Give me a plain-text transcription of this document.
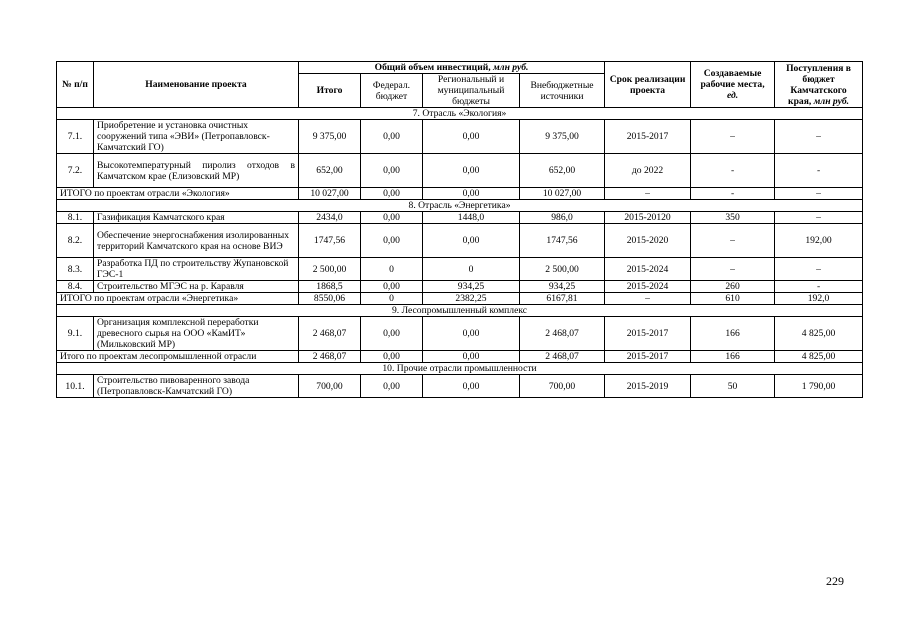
№ п/п	Наименование проекта	Общий объем инвестиций, млн руб.				Срок реализации проекта	Создаваемые рабочие места, ед.	Поступления в бюджет Камчатского края, млн руб.
		Итого	Федерал. бюджет	Региональный и муниципальный бюджеты	Внебюджетные источники			
7. Отрасль «Экология»								
7.1.	Приобретение и установка очистных сооружений типа «ЭВИ» (Петропавловск-Камчатский ГО)	9 375,00	0,00	0,00	9 375,00	2015-2017	–	–
7.2.	Высокотемпературный пиролиз отходов в Камчатском крае (Елизовский МР)	652,00	0,00	0,00	652,00	до 2022	-	-
ИТОГО по проектам отрасли «Экология»		10 027,00	0,00	0,00	10 027,00	–	-	–
8. Отрасль «Энергетика»								
8.1.	Газификация Камчатского края	2434,0	0,00	1448,0	986,0	2015-20120	350	–
8.2.	Обеспечение энергоснабжения изолированных территорий Камчатского края на основе ВИЭ	1747,56	0,00	0,00	1747,56	2015-2020	–	192,00
8.3.	Разработка ПД по строительству Жупановской ГЭС-1	2 500,00	0	0	2 500,00	2015-2024	–	–
8.4.	Строительство МГЭС на р. Каравля	1868,5	0,00	934,25	934,25	2015-2024	260	-
ИТОГО по проектам отрасли «Энергетика»		8550,06	0	2382,25	6167,81	–	610	192,0
9. Лесопромышленный комплекс								
9.1.	Организация комплексной переработки древесного сырья на ООО «КамИТ» (Мильковский МР)	2 468,07	0,00	0,00	2 468,07	2015-2017	166	4 825,00
Итого по проектам лесопромышленной отрасли		2 468,07	0,00	0,00	2 468,07	2015-2017	166	4 825,00
10. Прочие отрасли промышленности								
10.1.	Строительство пивоваренного завода (Петропавловск-Камчатский ГО)	700,00	0,00	0,00	700,00	2015-2019	50	1 790,00
229
